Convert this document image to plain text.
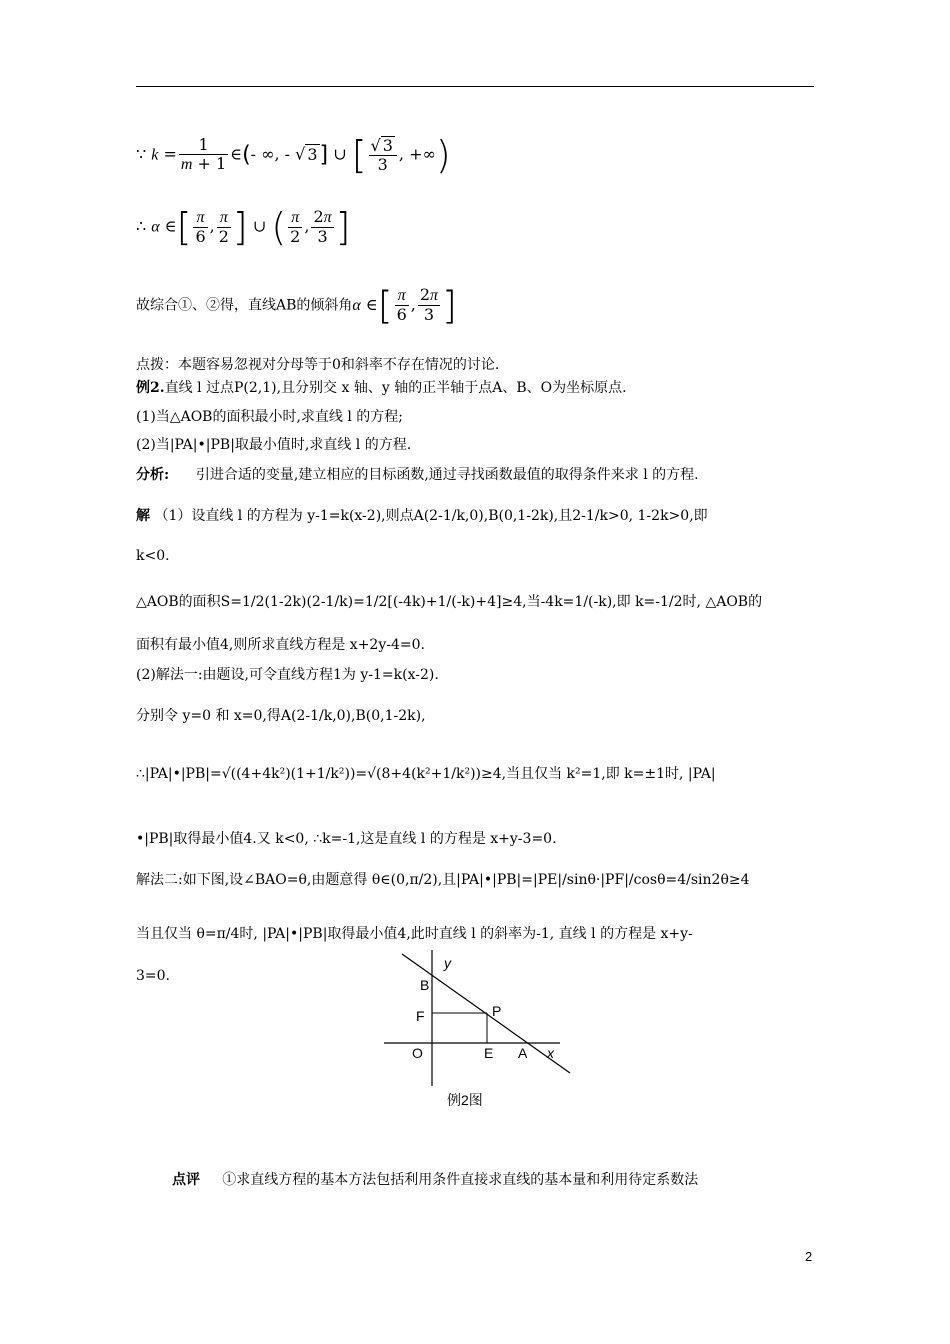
∵ $k = \frac{1}{m + 1}$ ∈(- ∞, - √ 3] ∪ [ $\frac{√ 3}{3}$ , +∞)
∴ α ∈[ $\frac{\pi}{6}$ , $\frac{\pi}{2}$ ] ∪ ( $\frac{\pi}{2}$ , $\frac{2\pi}{3}$ ]
故综合①、②得，直线AB的倾斜角α ∈[ $\frac{\pi}{6}$ , $\frac{2\pi}{3}$ ]
点拨：本题容易忽视对分母等于0和斜率不存在情况的讨论.
例2.直线 l 过点P(2,1),且分别交 x 轴、y 轴的正半轴于点A、B、O为坐标原点.
(1)当△AOB的面积最小时,求直线 l 的方程;
(2)当|PA|•|PB|取最小值时,求直线 l 的方程.
分析: 引进合适的变量,建立相应的目标函数,通过寻找函数最值的取得条件来求 l 的方程.
解 （1）设直线 l 的方程为 y-1=k(x-2),则点A(2-1/k,0),B(0,1-2k),且2-1/k>0, 1-2k>0,即
k<0.
△AOB的面积S=1/2(1-2k)(2-1/k)=1/2[(-4k)+1/(-k)+4]≥4,当-4k=1/(-k),即 k=-1/2时, △AOB的
面积有最小值4,则所求直线方程是 x+2y-4=0.
(2)解法一:由题设,可令直线方程1为 y-1=k(x-2).
分别令 y=0 和 x=0,得A(2-1/k,0),B(0,1-2k),
∴|PA|•|PB|=√((4+4k²)(1+1/k²))=√(8+4(k²+1/k²))≥4,当且仅当 k²=1,即 k=±1时, |PA|
•|PB|取得最小值4.又 k<0, ∴k=-1,这是直线 l 的方程是 x+y-3=0.
解法二:如下图,设∠BAO=θ,由题意得 θ∈(0,π/2),且|PA|•|PB|=|PE|/sinθ·|PF|/cosθ=4/sin2θ≥4
当且仅当 θ=π/4时, |PA|•|PB|取得最小值4,此时直线 l 的斜率为-1, 直线 l 的方程是 x+y-
3=0.
B
F	P
O	E A x
y
例2图
点评 ①求直线方程的基本方法包括利用条件直接求直线的基本量和利用待定系数法
2
